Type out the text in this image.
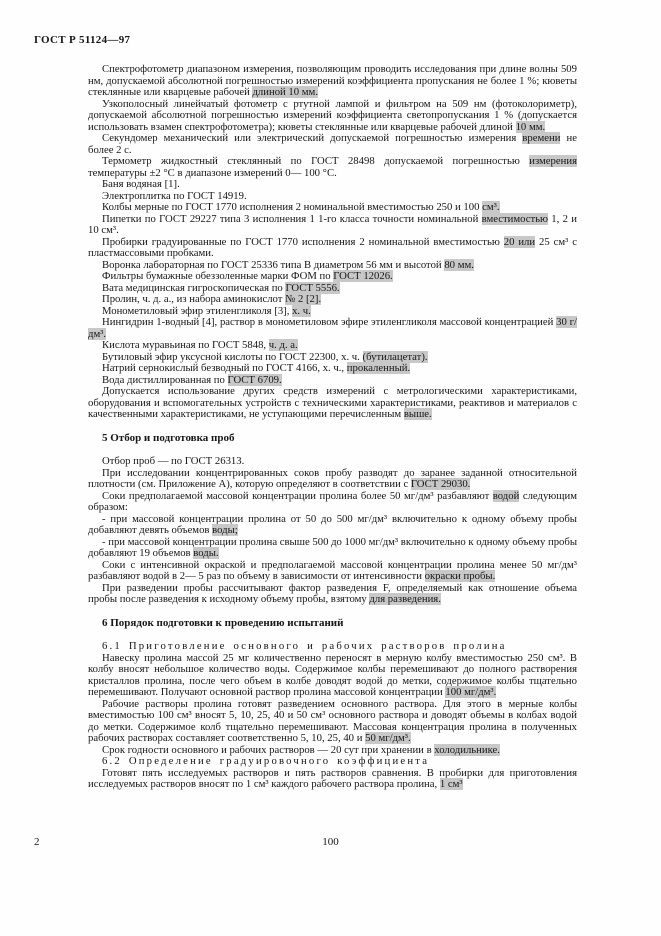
ГОСТ Р 51124—97

Спектрофотометр диапазоном измерения, позволяющим проводить исследования при длине волны 509 нм, допускаемой абсолютной погрешностью измерений коэффициента пропускания не более 1 %; кюветы стеклянные или кварцевые рабочей длиной 10 мм.

Узкополосный линейчатый фотометр с ртутной лампой и фильтром на 509 нм (фотоколориметр), допускаемой абсолютной погрешностью измерений коэффициента светопропускания 1 % (допускается использовать взамен спектрофотометра); кюветы стеклянные или кварцевые рабочей длиной 10 мм.

Секундомер механический или электрический допускаемой погрешностью измерения времени не более 2 с.

Термометр жидкостный стеклянный по ГОСТ 28498 допускаемой погрешностью измерения температуры ±2 °С в диапазоне измерений 0— 100 °С.

Баня водяная [1].

Электроплитка по ГОСТ 14919.

Колбы мерные по ГОСТ 1770 исполнения 2 номинальной вместимостью 250 и 100 см³.

Пипетки по ГОСТ 29227 типа 3 исполнения 1 1-го класса точности номинальной вместимостью 1, 2 и 10 см³.

Пробирки градуированные по ГОСТ 1770 исполнения 2 номинальной вместимостью 20 или 25 см³ с пластмассовыми пробками.

Воронка лабораторная по ГОСТ 25336 типа В диаметром 56 мм и высотой 80 мм.

Фильтры бумажные обеззоленные марки ФОМ по ГОСТ 12026.

Вата медицинская гигроскопическая по ГОСТ 5556.

Пролин, ч. д. а., из набора аминокислот № 2 [2].

Монометиловый эфир этиленгликоля [3], х. ч.

Нингидрин 1-водный [4], раствор в монометиловом эфире этиленгликоля массовой концентрацией 30 г/дм³.

Кислота муравьиная по ГОСТ 5848, ч. д. а.

Бутиловый эфир уксусной кислоты по ГОСТ 22300, х. ч. (бутилацетат).

Натрий сернокислый безводный по ГОСТ 4166, х. ч., прокаленный.

Вода дистиллированная по ГОСТ 6709.

Допускается использование других средств измерений с метрологическими характеристиками, оборудования и вспомогательных устройств с техническими характеристиками, реактивов и материалов с качественными характеристиками, не уступающими перечисленным выше.

5 Отбор и подготовка проб

Отбор проб — по ГОСТ 26313.

При исследовании концентрированных соков пробу разводят до заранее заданной относительной плотности (см. Приложение А), которую определяют в соответствии с ГОСТ 29030.

Соки предполагаемой массовой концентрации пролина более 50 мг/дм³ разбавляют водой следующим образом:

- при массовой концентрации пролина от 50 до 500 мг/дм³ включительно к одному объему пробы добавляют девять объемов воды;

- при массовой концентрации пролина свыше 500 до 1000 мг/дм³ включительно к одному объему пробы добавляют 19 объемов воды.

Соки с интенсивной окраской и предполагаемой массовой концентрации пролина менее 50 мг/дм³ разбавляют водой в 2— 5 раз по объему в зависимости от интенсивности окраски пробы.

При разведении пробы рассчитывают фактор разведения F, определяемый как отношение объема пробы после разведения к исходному объему пробы, взятому для разведения.

6 Порядок подготовки к проведению испытаний

6.1 Приготовление основного и рабочих растворов пролина

Навеску пролина массой 25 мг количественно переносят в мерную колбу вместимостью 250 см³. В колбу вносят небольшое количество воды. Содержимое колбы перемешивают до полного растворения кристаллов пролина, после чего объем в колбе доводят водой до метки, содержимое колбы тщательно перемешивают. Получают основной раствор пролина массовой концентрации 100 мг/дм³.

Рабочие растворы пролина готовят разведением основного раствора. Для этого в мерные колбы вместимостью 100 см³ вносят 5, 10, 25, 40 и 50 см³ основного раствора и доводят объемы в колбах водой до метки. Содержимое колб тщательно перемешивают. Массовая концентрация пролина в полученных рабочих растворах составляет соответственно 5, 10, 25, 40 и 50 мг/дм³.

Срок годности основного и рабочих растворов — 20 сут при хранении в холодильнике.

6.2 Определение градуировочного коэффициента

Готовят пять исследуемых растворов и пять растворов сравнения. В пробирки для приготовления исследуемых растворов вносят по 1 см³ каждого рабочего раствора пролина, 1 см³

2	100
